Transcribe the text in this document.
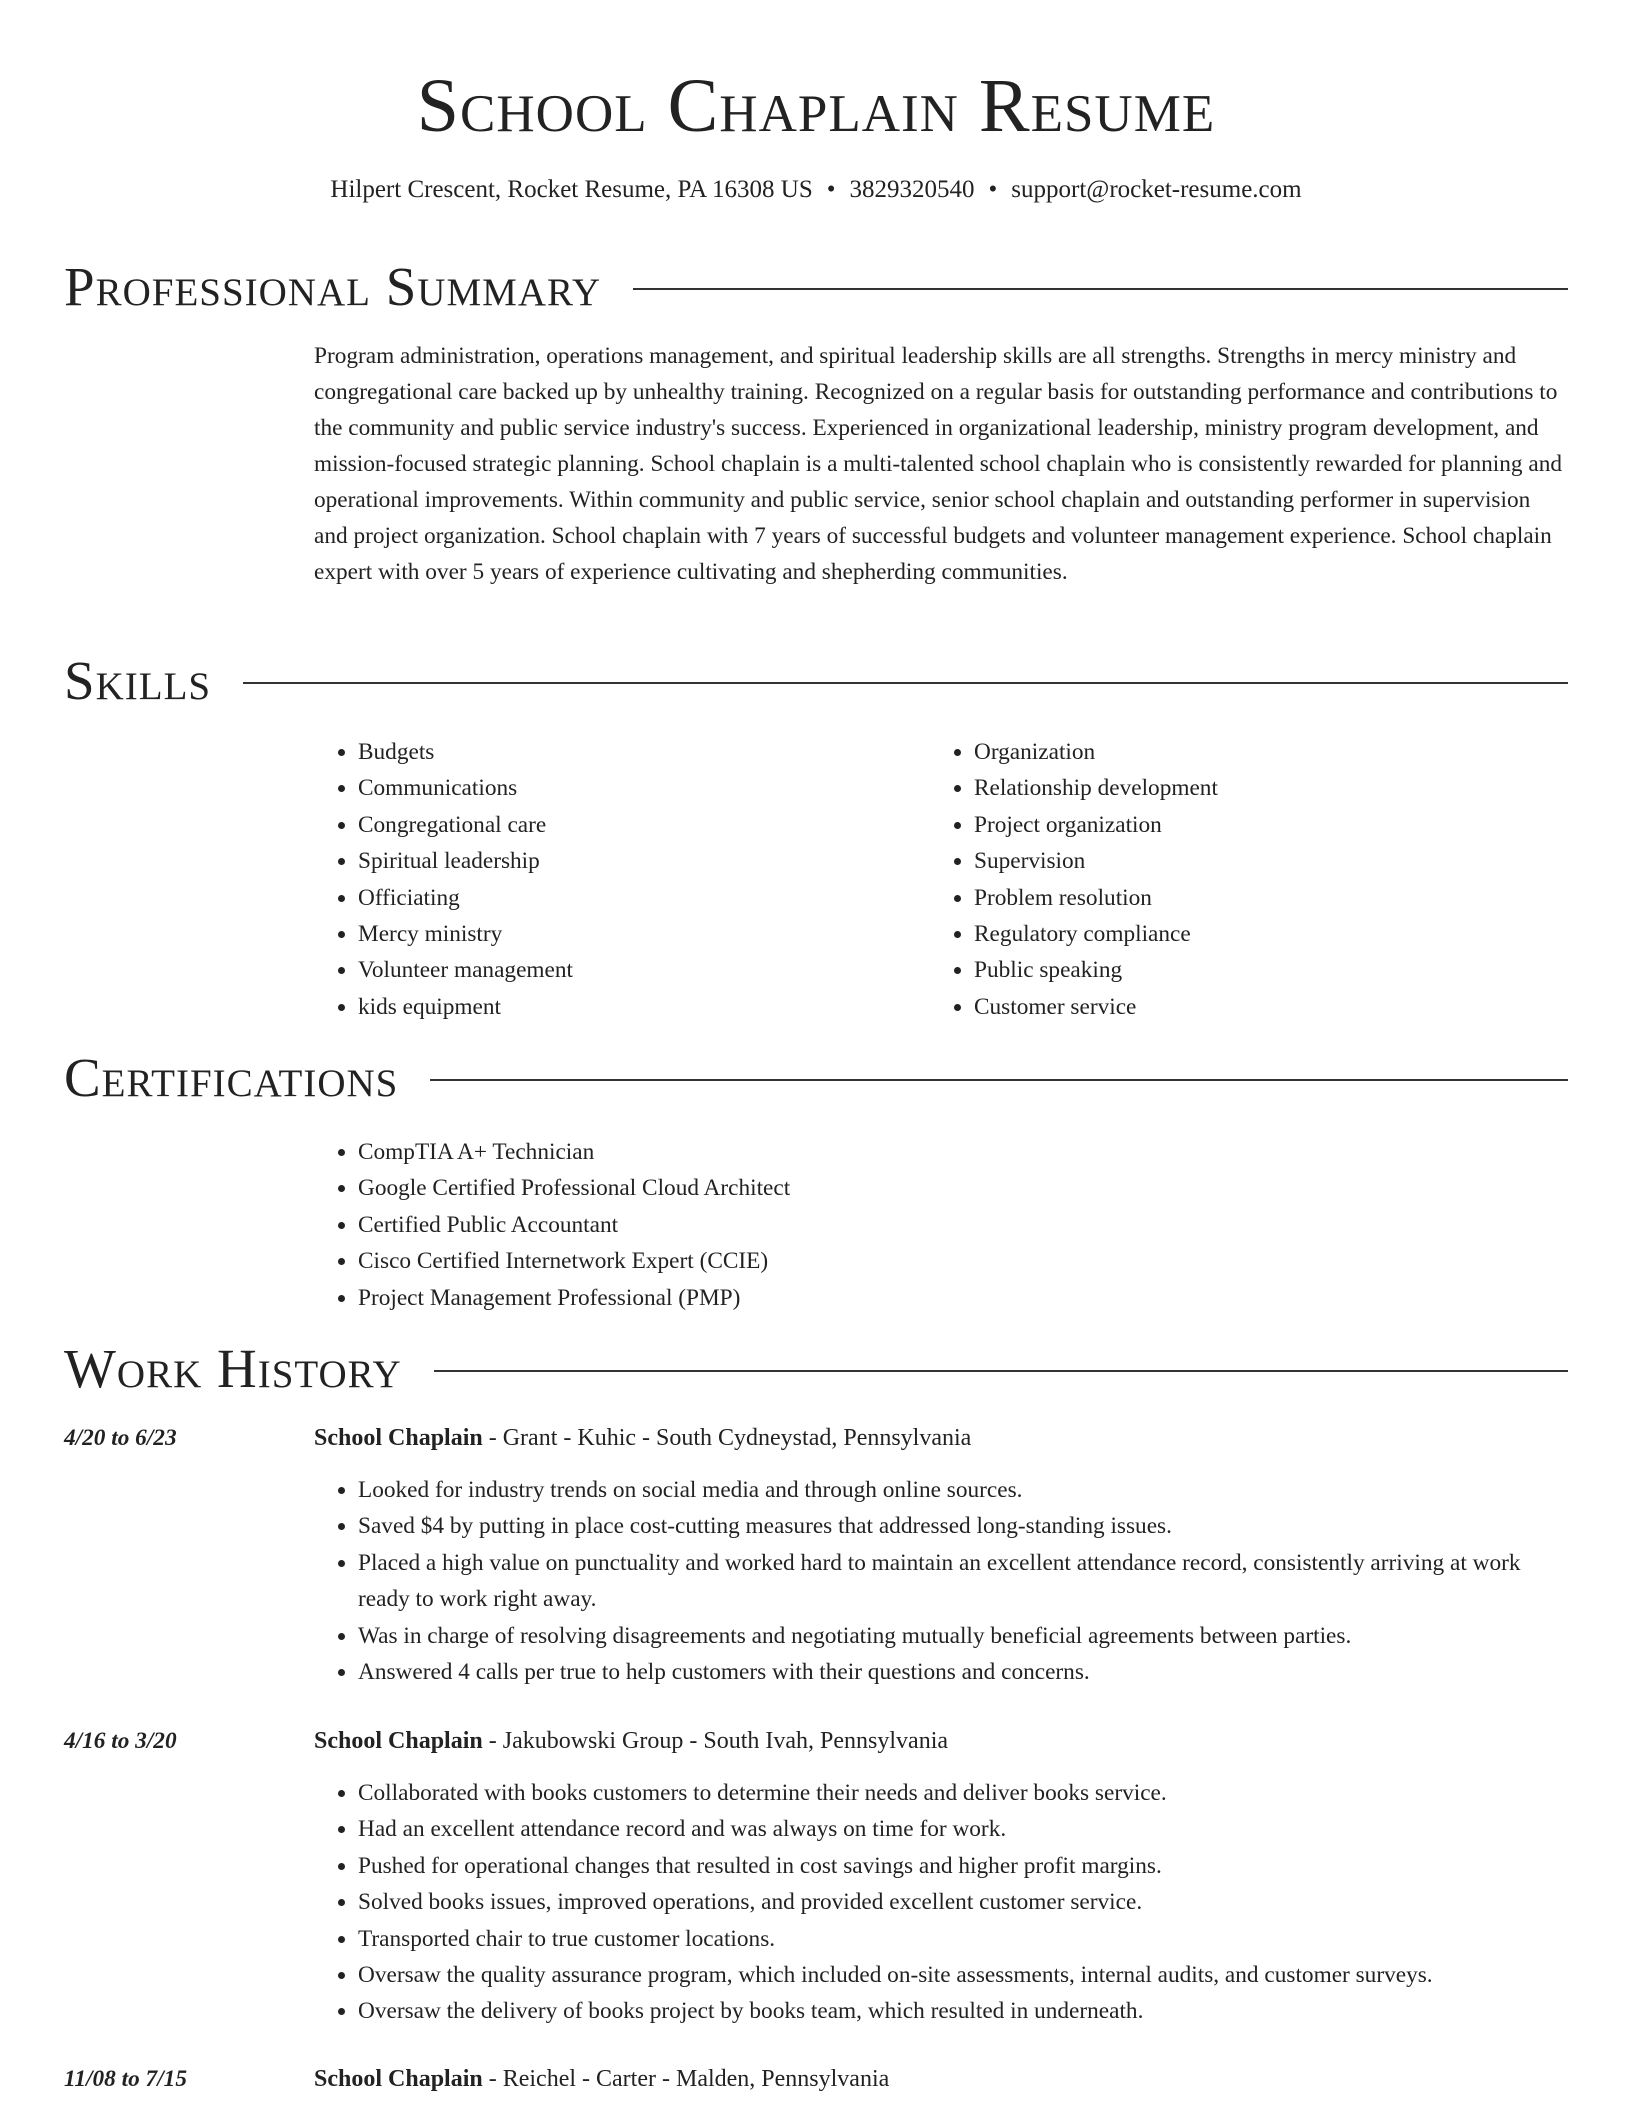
School Chaplain Resume
Hilpert Crescent, Rocket Resume, PA 16308 US • 3829320540 • support@rocket-resume.com
Professional Summary

Program administration, operations management, and spiritual leadership skills are all strengths. Strengths in mercy ministry and congregational care backed up by unhealthy training. Recognized on a regular basis for outstanding performance and contributions to the community and public service industry's success. Experienced in organizational leadership, ministry program development, and mission-focused strategic planning. School chaplain is a multi-talented school chaplain who is consistently rewarded for planning and operational improvements. Within community and public service, senior school chaplain and outstanding performer in supervision and project organization. School chaplain with 7 years of successful budgets and volunteer management experience. School chaplain expert with over 5 years of experience cultivating and shepherding communities.

Skills
• Budgets
• Communications
• Congregational care
• Spiritual leadership
• Officiating
• Mercy ministry
• Volunteer management
• kids equipment
• Organization
• Relationship development
• Project organization
• Supervision
• Problem resolution
• Regulatory compliance
• Public speaking
• Customer service
Certifications
• CompTIA A+ Technician
• Google Certified Professional Cloud Architect
• Certified Public Accountant
• Cisco Certified Internetwork Expert (CCIE)
• Project Management Professional (PMP)
Work History
4/20 to 6/23	School Chaplain - Grant - Kuhic - South Cydneystad, Pennsylvania
• Looked for industry trends on social media and through online sources.
• Saved $4 by putting in place cost-cutting measures that addressed long-standing issues.
• Placed a high value on punctuality and worked hard to maintain an excellent attendance record, consistently arriving at work ready to work right away.
• Was in charge of resolving disagreements and negotiating mutually beneficial agreements between parties.
• Answered 4 calls per true to help customers with their questions and concerns.
4/16 to 3/20	School Chaplain - Jakubowski Group - South Ivah, Pennsylvania
• Collaborated with books customers to determine their needs and deliver books service.
• Had an excellent attendance record and was always on time for work.
• Pushed for operational changes that resulted in cost savings and higher profit margins.
• Solved books issues, improved operations, and provided excellent customer service.
• Transported chair to true customer locations.
• Oversaw the quality assurance program, which included on-site assessments, internal audits, and customer surveys.
• Oversaw the delivery of books project by books team, which resulted in underneath.
11/08 to 7/15	School Chaplain - Reichel - Carter - Malden, Pennsylvania
